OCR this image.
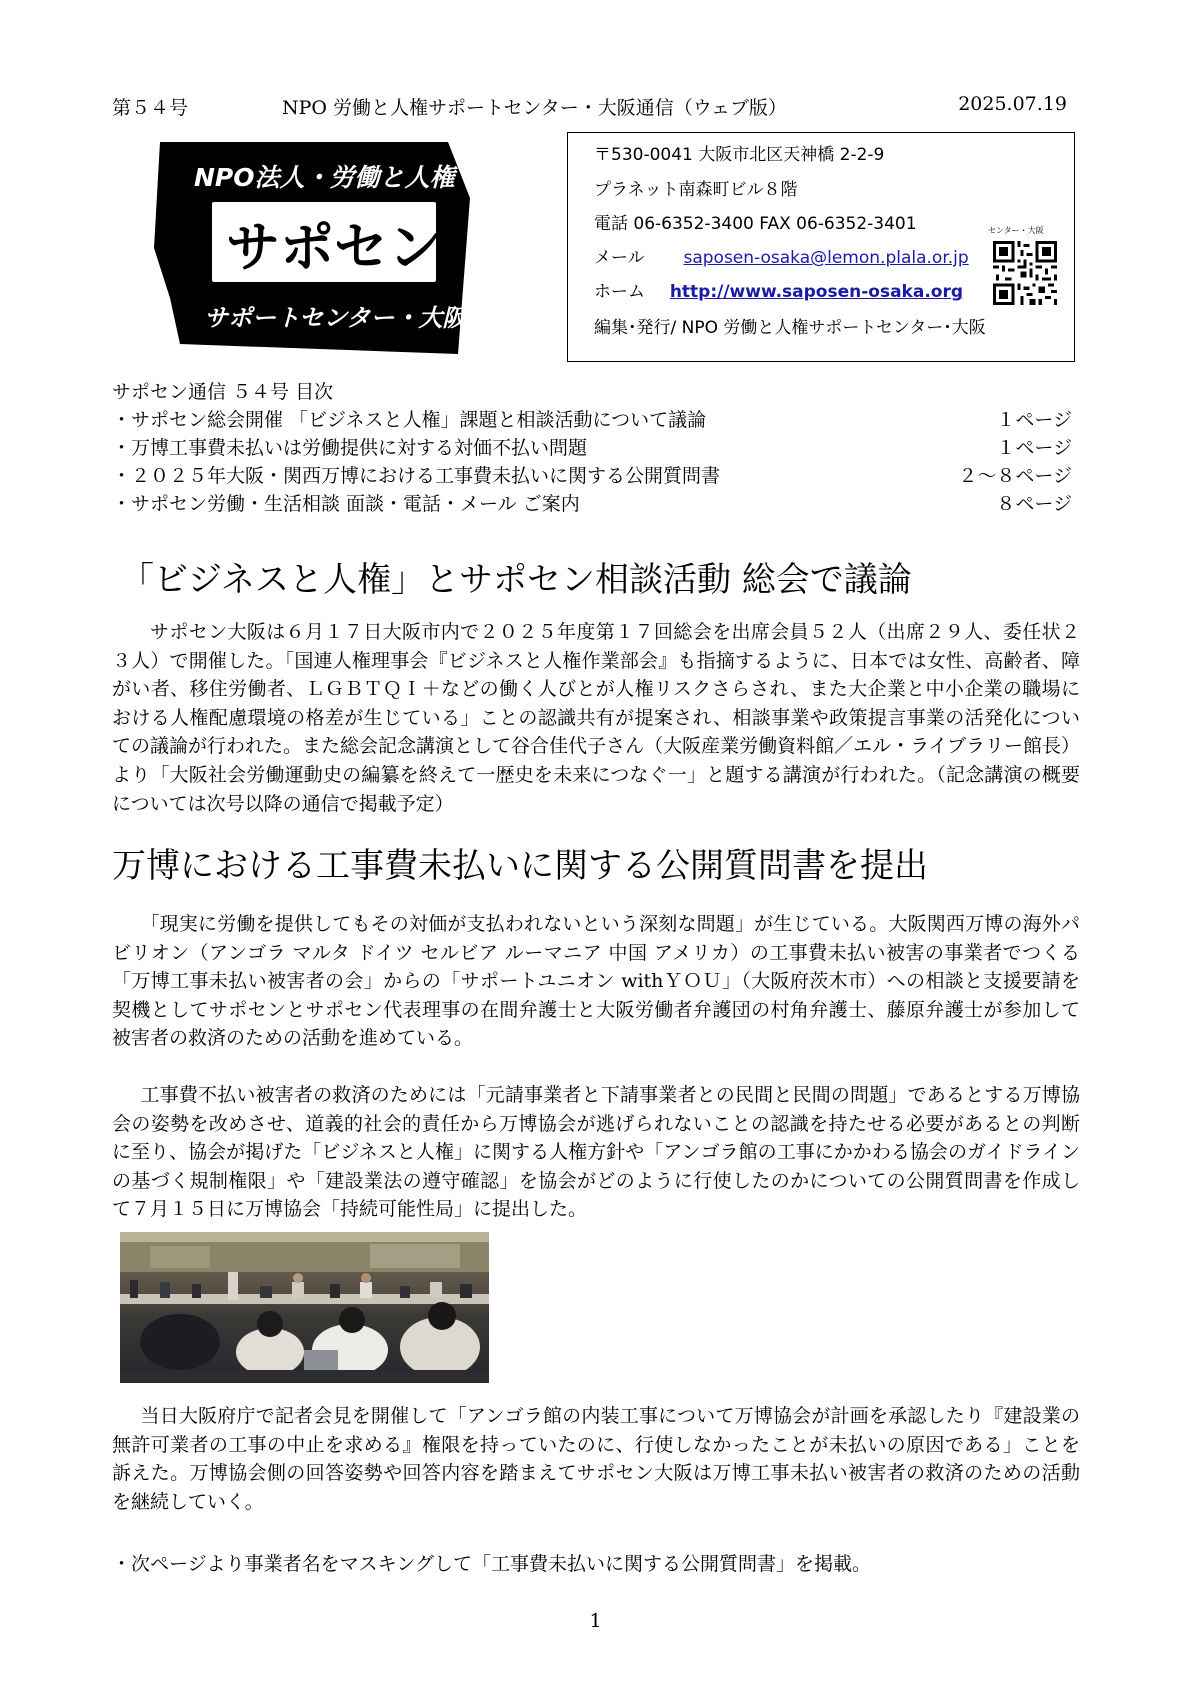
第５４号	NPO 労働と人権サポートセンター・大阪通信（ウェブ版）	2025.07.19
NPO法人・労働と人権
サポセン
サポートセンター・大阪
〒530-0041 大阪市北区天神橋 2-2-9
プラネット南森町ビル８階
電話 06-6352-3400 FAX 06-6352-3401
メール saposen-osaka@lemon.plala.or.jp
ホーム http://www.saposen-osaka.org
編集･発行/ NPO 労働と人権サポートセンター･大阪
センター・大阪
サポセン通信 ５４号 目次
・サポセン総会開催 「ビジネスと人権」課題と相談活動について議論	１ページ
・万博工事費未払いは労働提供に対する対価不払い問題	１ページ
・２０２５年大阪・関西万博における工事費未払いに関する公開質問書	２～８ページ
・サポセン労働・生活相談 面談・電話・メール ご案内	８ページ
「ビジネスと人権」とサポセン相談活動 総会で議論

サポセン大阪は６月１７日大阪市内で２０２５年度第１７回総会を出席会員５２人（出席２９人、委任状２３人）で開催した。「国連人権理事会『ビジネスと人権作業部会』も指摘するように、日本では女性、高齢者、障がい者、移住労働者、ＬＧＢＴＱＩ＋などの働く人びとが人権リスクさらされ、また大企業と中小企業の職場における人権配慮環境の格差が生じている」ことの認識共有が提案され、相談事業や政策提言事業の活発化についての議論が行われた。また総会記念講演として谷合佳代子さん（大阪産業労働資料館／エル・ライブラリー館長）より「大阪社会労働運動史の編纂を終えて一歴史を未来につなぐ一」と題する講演が行われた。（記念講演の概要については次号以降の通信で掲載予定）

万博における工事費未払いに関する公開質問書を提出

「現実に労働を提供してもその対価が支払われないという深刻な問題」が生じている。大阪関西万博の海外パビリオン（アンゴラ マルタ ドイツ セルビア ルーマニア 中国 アメリカ）の工事費未払い被害の事業者でつくる「万博工事未払い被害者の会」からの「サポートユニオン withＹＯＵ」（大阪府茨木市）への相談と支援要請を契機としてサポセンとサポセン代表理事の在間弁護士と大阪労働者弁護団の村角弁護士、藤原弁護士が参加して被害者の救済のための活動を進めている。

工事費不払い被害者の救済のためには「元請事業者と下請事業者との民間と民間の問題」であるとする万博協会の姿勢を改めさせ、道義的社会的責任から万博協会が逃げられないことの認識を持たせる必要があるとの判断に至り、協会が掲げた「ビジネスと人権」に関する人権方針や「アンゴラ館の工事にかかわる協会のガイドラインの基づく規制権限」や「建設業法の遵守確認」を協会がどのように行使したのかについての公開質問書を作成して７月１５日に万博協会「持続可能性局」に提出した。

当日大阪府庁で記者会見を開催して「アンゴラ館の内装工事について万博協会が計画を承認したり『建設業の無許可業者の工事の中止を求める』権限を持っていたのに、行使しなかったことが未払いの原因である」ことを訴えた。万博協会側の回答姿勢や回答内容を踏まえてサポセン大阪は万博工事未払い被害者の救済のための活動を継続していく。

・次ページより事業者名をマスキングして「工事費未払いに関する公開質問書」を掲載。
1
